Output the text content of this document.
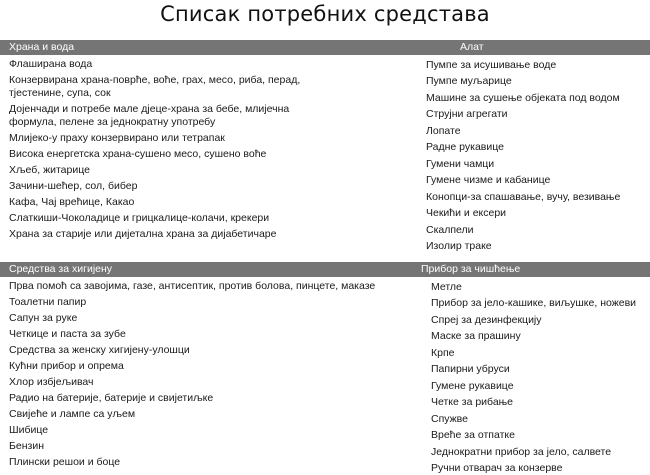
Списак потребних средстава
Храна и вода	Алат
Флаширана вода
Конзервирана храна-поврће, воће, грах, месо, риба, перад, тјестенине, супа, сок
Дојенчади и потребе мале дјеце-храна за бебе, млијечна формула, пелене за једнократну употребу
Млијеко-у праху конзервирано или тетрапак
Висока енергетска храна-сушено месо, сушено воће
Хљеб, житарице
Зачини-шећер, сол, бибер
Кафа, Чај врећице, Какао
Слаткиши-Чоколадице и грицкалице-колачи, крекери
Храна за старије или дијетална храна за дијабетичаре
Пумпе за исушивање воде
Пумпе муљарице
Машине за сушење објеката под водом
Струјни агрегати
Лопате
Радне рукавице
Гумени чамци
Гумене чизме и кабанице
Конопци-за спашавање, вучу, везивање
Чекићи и ексери
Скалпели
Изолир траке
Средства за хигијену	Прибор за чишћење
Прва помоћ са завојима, газе, антисептик, против болова, пинцете, маказе
Тоалетни папир
Сапун за руке
Четкице и паста за зубе
Средства за женску хигијену-улошци
Кућни прибор и опрема
Хлор избјељивач
Радио на батерије, батерије и свијетиљке
Свијеће и лампе са уљем
Шибице
Бензин
Плински решои и боце
Метле
Прибор за јело-кашике, виљушке, ножеви
Спреј за дезинфекцију
Маске за прашину
Крпе
Папирни убруси
Гумене рукавице
Четке за рибање
Спужве
Вреће за отпатке
Једнократни прибор за јело, салвете
Ручни отварач за конзерве
